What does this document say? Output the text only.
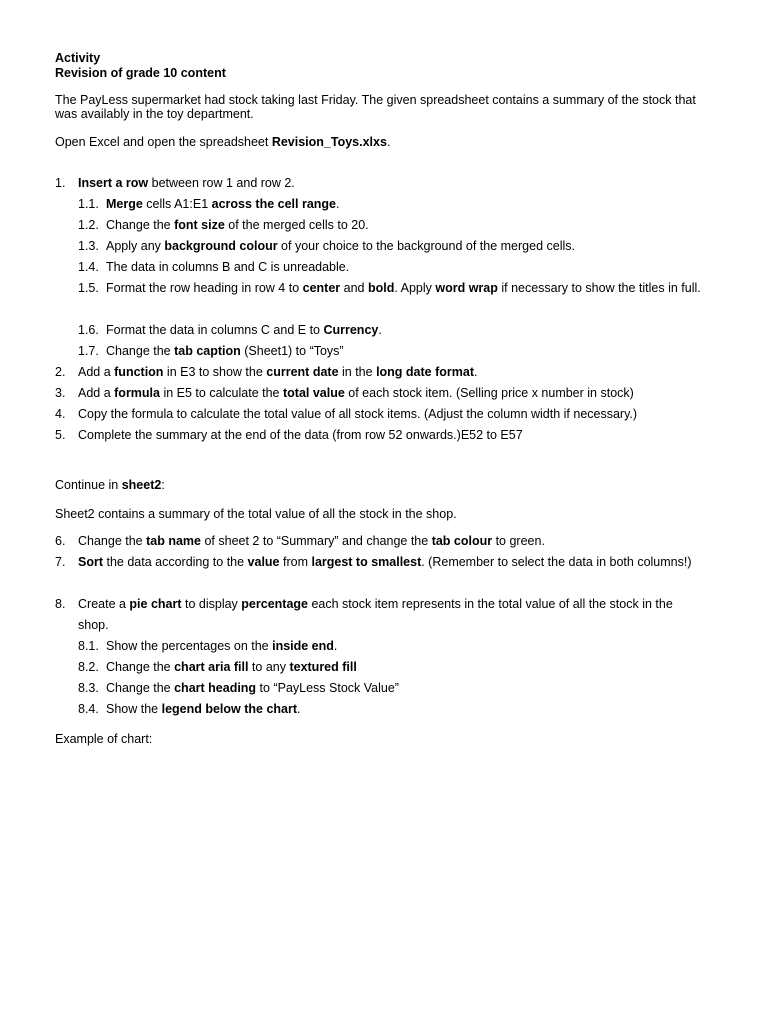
Activity
Revision of grade 10 content
The PayLess supermarket had stock taking last Friday. The given spreadsheet contains a summary of the stock that was availably in the toy department.
Open Excel and open the spreadsheet Revision_Toys.xlxs.
1. Insert a row between row 1 and row 2.
1.1. Merge cells A1:E1 across the cell range.
1.2. Change the font size of the merged cells to 20.
1.3. Apply any background colour of your choice to the background of the merged cells.
1.4. The data in columns B and C is unreadable.
1.5. Format the row heading in row 4 to center and bold. Apply word wrap if necessary to show the titles in full.
1.6. Format the data in columns C and E to Currency.
1.7. Change the tab caption (Sheet1) to “Toys”
2. Add a function in E3 to show the current date in the long date format.
3. Add a formula in E5 to calculate the total value of each stock item. (Selling price x number in stock)
4. Copy the formula to calculate the total value of all stock items. (Adjust the column width if necessary.)
5. Complete the summary at the end of the data (from row 52 onwards.)E52 to E57
Continue in sheet2:
Sheet2 contains a summary of the total value of all the stock in the shop.
6. Change the tab name of sheet 2 to “Summary” and change the tab colour to green.
7. Sort the data according to the value from largest to smallest. (Remember to select the data in both columns!)
8. Create a pie chart to display percentage each stock item represents in the total value of all the stock in the shop.
8.1. Show the percentages on the inside end.
8.2. Change the chart aria fill to any textured fill
8.3. Change the chart heading to “PayLess Stock Value”
8.4. Show the legend below the chart.
Example of chart:
